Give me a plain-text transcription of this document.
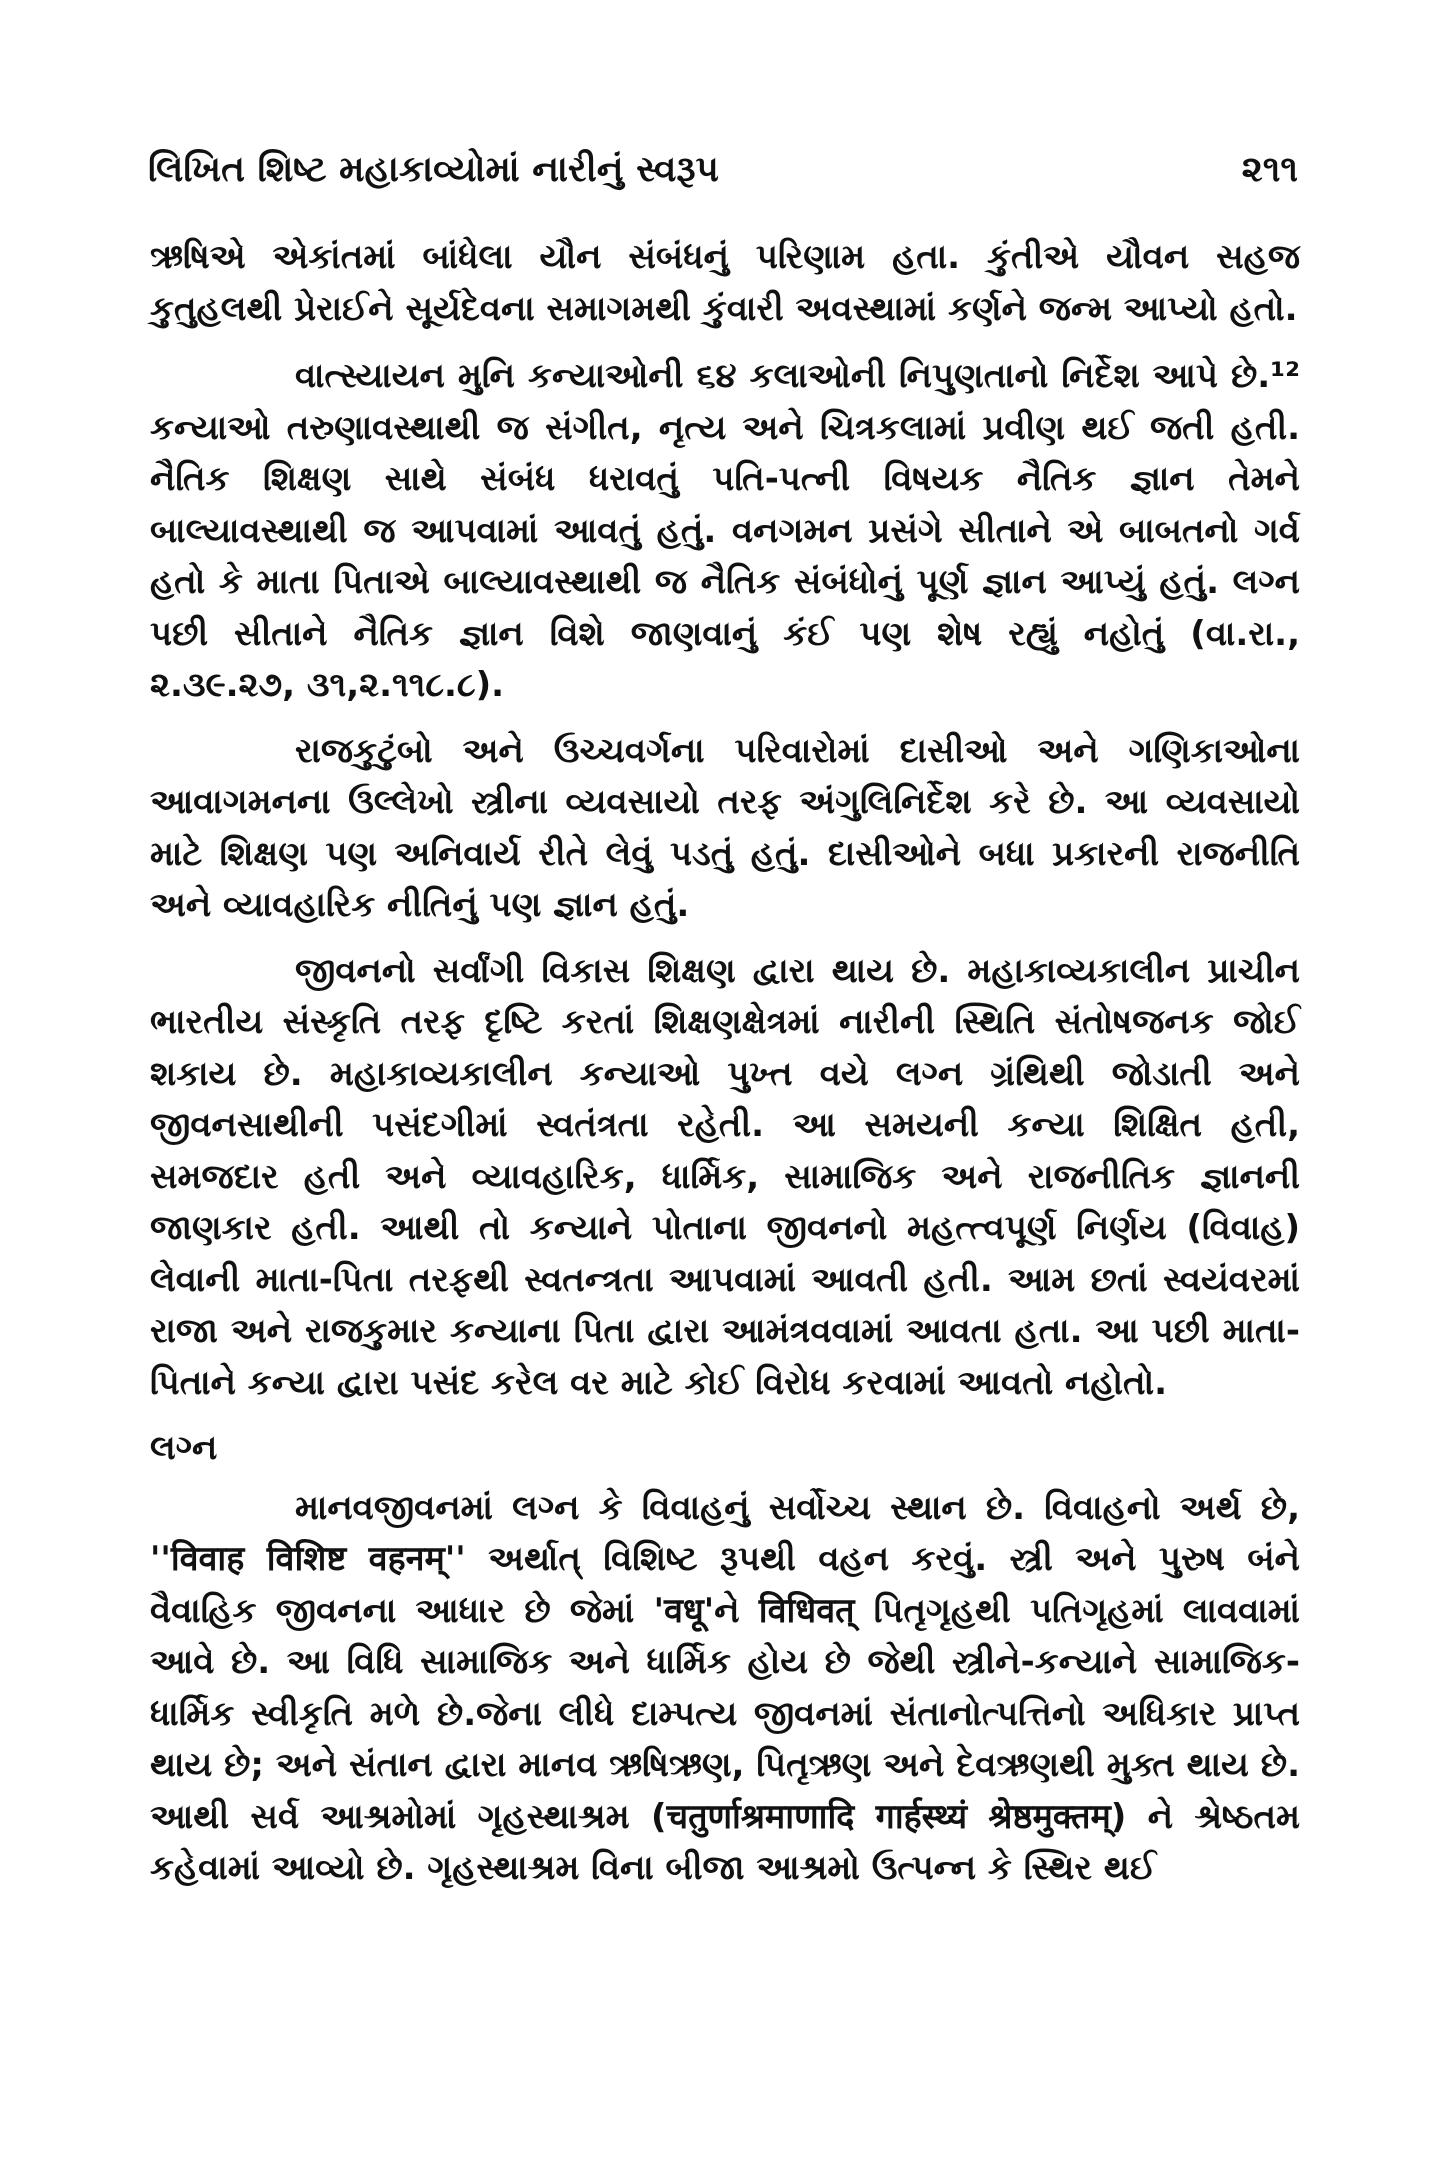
લિખિત શિષ્ટ મહાકાવ્યોમાં નારીનું સ્વરૂપ	૨૧૧

ઋષિએ એકાંતમાં બાંધેલા યૌન સંબંધનું પરિણામ હતા. કુંતીએ યૌવન સહજ કુતુહલથી પ્રેરાઈને સૂર્યદેવના સમાગમથી કુંવારી અવસ્થામાં કર્ણને જન્મ આપ્યો હતો.

વાત્સ્યાયન મુનિ કન્યાઓની ૬૪ કલાઓની નિપુણતાનો નિર્દેશ આપે છે.¹² કન્યાઓ તરુણાવસ્થાથી જ સંગીત, નૃત્ય અને ચિત્રકલામાં પ્રવીણ થઈ જતી હતી. નૈતિક શિક્ષણ સાથે સંબંધ ધરાવતું પતિ-પત્ની વિષયક નૈતિક જ્ઞાન તેમને બાલ્યાવસ્થાથી જ આપવામાં આવતું હતું. વનગમન પ્રસંગે સીતાને એ બાબતનો ગર્વ હતો કે માતા પિતાએ બાલ્યાવસ્થાથી જ નૈતિક સંબંધોનું પૂર્ણ જ્ઞાન આપ્યું હતું. લગ્ન પછી સીતાને નૈતિક જ્ઞાન વિશે જાણવાનું કંઈ પણ શેષ રહ્યું નહોતું (વા.રા., ૨.૩૯.૨૭, ૩૧,૨.૧૧૮.૮).

રાજકુટુંબો અને ઉચ્ચવર્ગના પરિવારોમાં દાસીઓ અને ગણિકાઓના આવાગમનના ઉલ્લેખો સ્ત્રીના વ્યવસાયો તરફ અંગુલિનિર્દેશ કરે છે. આ વ્યવસાયો માટે શિક્ષણ પણ અનિવાર્ય રીતે લેવું પડતું હતું. દાસીઓને બધા પ્રકારની રાજનીતિ અને વ્યાવહારિક નીતિનું પણ જ્ઞાન હતું.

જીવનનો સર્વાંગી વિકાસ શિક્ષણ દ્વારા થાય છે. મહાકાવ્યકાલીન પ્રાચીન ભારતીય સંસ્કૃતિ તરફ દૃષ્ટિ કરતાં શિક્ષણક્ષેત્રમાં નારીની સ્થિતિ સંતોષજનક જોઈ શકાય છે. મહાકાવ્યકાલીન કન્યાઓ પુખ્ત વયે લગ્ન ગ્રંથિથી જોડાતી અને જીવનસાથીની પસંદગીમાં સ્વતંત્રતા રહેતી. આ સમયની કન્યા શિક્ષિત હતી, સમજદાર હતી અને વ્યાવહારિક, ધાર્મિક, સામાજિક અને રાજનીતિક જ્ઞાનની જાણકાર હતી. આથી તો કન્યાને પોતાના જીવનનો મહત્ત્વપૂર્ણ નિર્ણય (વિવાહ) લેવાની માતા-પિતા તરફથી સ્વતન્ત્રતા આપવામાં આવતી હતી. આમ છતાં સ્વયંવરમાં રાજા અને રાજકુમાર કન્યાના પિતા દ્વારા આમંત્રવવામાં આવતા હતા. આ પછી માતા-પિતાને કન્યા દ્વારા પસંદ કરેલ વર માટે કોઈ વિરોધ કરવામાં આવતો નહોતો.

લગ્ન

માનવજીવનમાં લગ્ન કે વિવાહનું સર્વોચ્ચ સ્થાન છે. વિવાહનો અર્થ છે, ''विवाह विशिष्ट वहनम्'' અર્થાત્ વિશિષ્ટ રૂપથી વહન કરવું. સ્ત્રી અને પુરુષ બંને વૈવાહિક જીવનના આધાર છે જેમાં 'वधू'ને विधिवत् પિતૃગૃહથી પતિગૃહમાં લાવવામાં આવે છે. આ વિધિ સામાજિક અને ધાર્મિક હોય છે જેથી સ્ત્રીને-કન્યાને સામાજિક-ધાર્મિક સ્વીકૃતિ મળે છે.જેના લીધે દામ્પત્ય જીવનમાં સંતાનોત્પત્તિનો અધિકાર પ્રાપ્ત થાય છે; અને સંતાન દ્વારા માનવ ઋષિઋણ, પિતૃઋણ અને દેવઋણથી મુક્ત થાય છે. આથી સર્વ આશ્રમોમાં ગૃહસ્થાશ્રમ (चतुर्णाश्रमाणादि गार्हस्थ्यं श्रेष्ठमुक्तम्) ને શ્રેષ્ઠતમ કહેવામાં આવ્યો છે. ગૃહસ્થાશ્રમ વિના બીજા આશ્રમો ઉત્પન્ન કે સ્થિર થઈ
